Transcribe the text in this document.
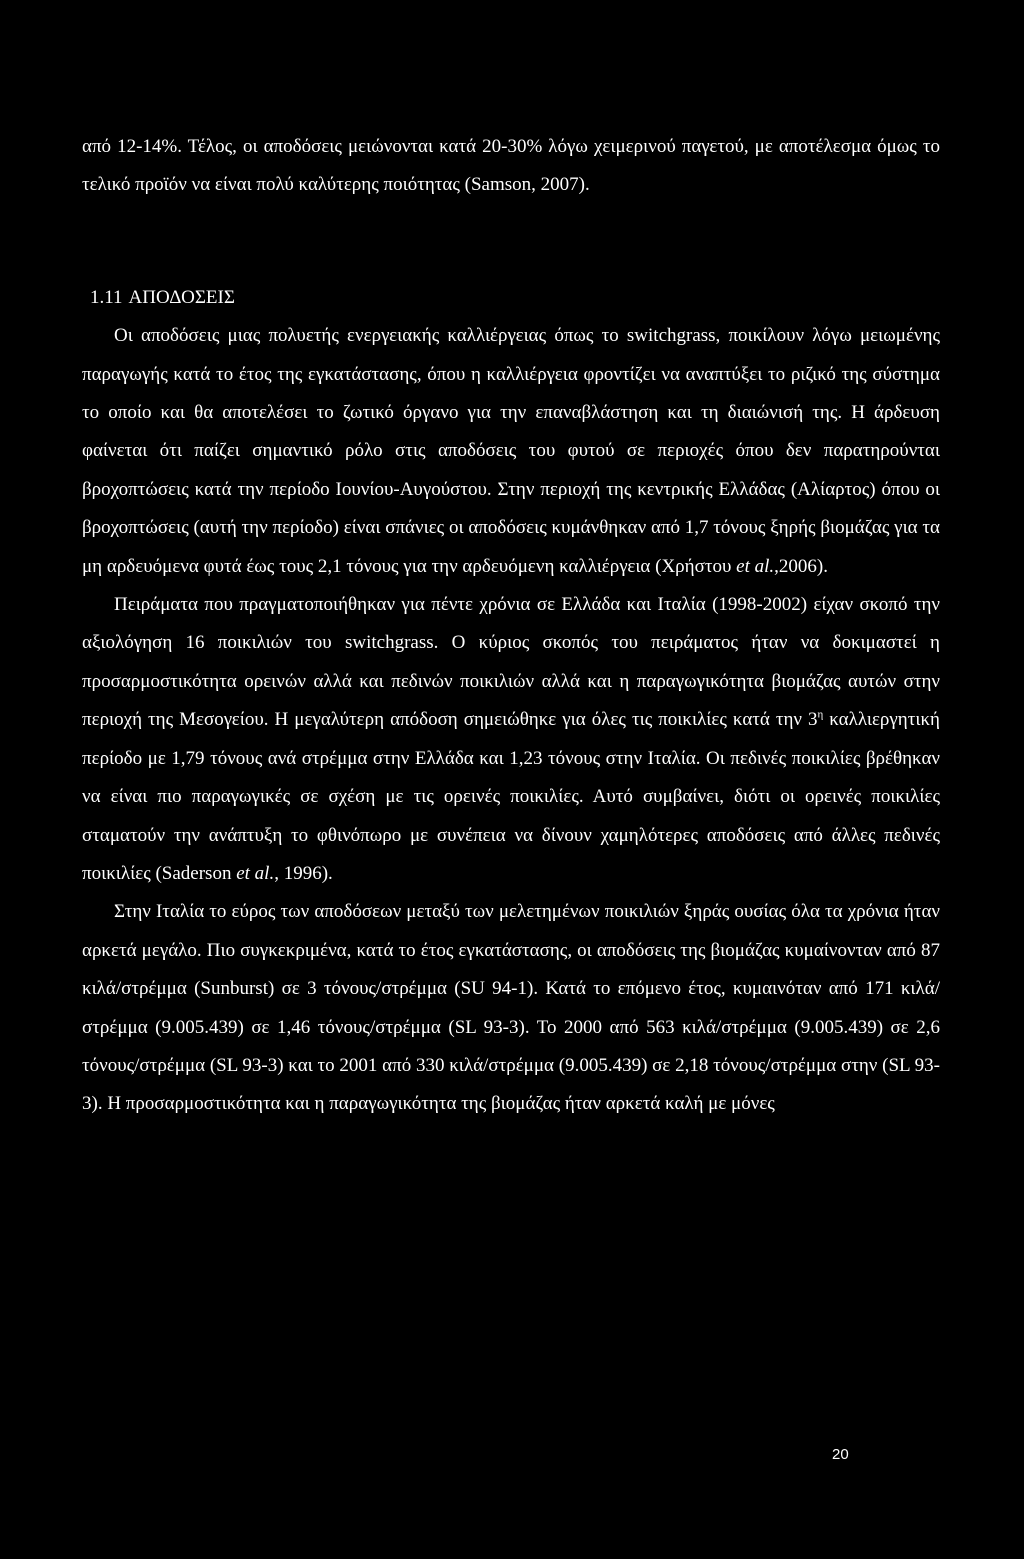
από 12-14%. Τέλος, οι αποδόσεις μειώνονται κατά 20-30% λόγω χειμερινού παγετού, με αποτέλεσμα όμως το τελικό προϊόν να είναι πολύ καλύτερης ποιότητας (Samson, 2007).

1.11 ΑΠΟΔΟΣΕΙΣ

Οι αποδόσεις μιας πολυετής ενεργειακής καλλιέργειας όπως το switchgrass, ποικίλουν λόγω μειωμένης παραγωγής κατά το έτος της εγκατάστασης, όπου η καλλιέργεια φροντίζει να αναπτύξει το ριζικό της σύστημα το οποίο και θα αποτελέσει το ζωτικό όργανο για την επαναβλάστηση και τη διαιώνισή της. Η άρδευση φαίνεται ότι παίζει σημαντικό ρόλο στις αποδόσεις του φυτού σε περιοχές όπου δεν παρατηρούνται βροχοπτώσεις κατά την περίοδο Ιουνίου-Αυγούστου. Στην περιοχή της κεντρικής Ελλάδας (Αλίαρτος) όπου οι βροχοπτώσεις (αυτή την περίοδο) είναι σπάνιες οι αποδόσεις κυμάνθηκαν από 1,7 τόνους ξηρής βιομάζας για τα μη αρδευόμενα φυτά έως τους 2,1 τόνους για την αρδευόμενη καλλιέργεια (Χρήστου et al.,2006).

Πειράματα που πραγματοποιήθηκαν για πέντε χρόνια σε Ελλάδα και Ιταλία (1998-2002) είχαν σκοπό την αξιολόγηση 16 ποικιλιών του switchgrass. Ο κύριος σκοπός του πειράματος ήταν να δοκιμαστεί η προσαρμοστικότητα ορεινών αλλά και πεδινών ποικιλιών αλλά και η παραγωγικότητα βιομάζας αυτών στην περιοχή της Μεσογείου. Η μεγαλύτερη απόδοση σημειώθηκε για όλες τις ποικιλίες κατά την $3^\eta$ καλλιεργητική περίοδο με 1,79 τόνους ανά στρέμμα στην Ελλάδα και 1,23 τόνους στην Ιταλία. Οι πεδινές ποικιλίες βρέθηκαν να είναι πιο παραγωγικές σε σχέση με τις ορεινές ποικιλίες. Αυτό συμβαίνει, διότι οι ορεινές ποικιλίες σταματούν την ανάπτυξη το φθινόπωρο με συνέπεια να δίνουν χαμηλότερες αποδόσεις από άλλες πεδινές ποικιλίες (Saderson et al., 1996).

Στην Ιταλία το εύρος των αποδόσεων μεταξύ των μελετημένων ποικιλιών ξηράς ουσίας όλα τα χρόνια ήταν αρκετά μεγάλο. Πιο συγκεκριμένα, κατά το έτος εγκατάστασης, οι αποδόσεις της βιομάζας κυμαίνονταν από 87 κιλά/στρέμμα (Sunburst) σε 3 τόνους/στρέμμα (SU 94-1). Κατά το επόμενο έτος, κυμαινόταν από 171 κιλά/στρέμμα (9.005.439) σε 1,46 τόνους/στρέμμα (SL 93-3). Το 2000 από 563 κιλά/στρέμμα (9.005.439) σε 2,6 τόνους/στρέμμα (SL 93-3) και το 2001 από 330 κιλά/στρέμμα (9.005.439) σε 2,18 τόνους/στρέμμα στην (SL 93-3). Η προσαρμοστικότητα και η παραγωγικότητα της βιομάζας ήταν αρκετά καλή με μόνες

20
